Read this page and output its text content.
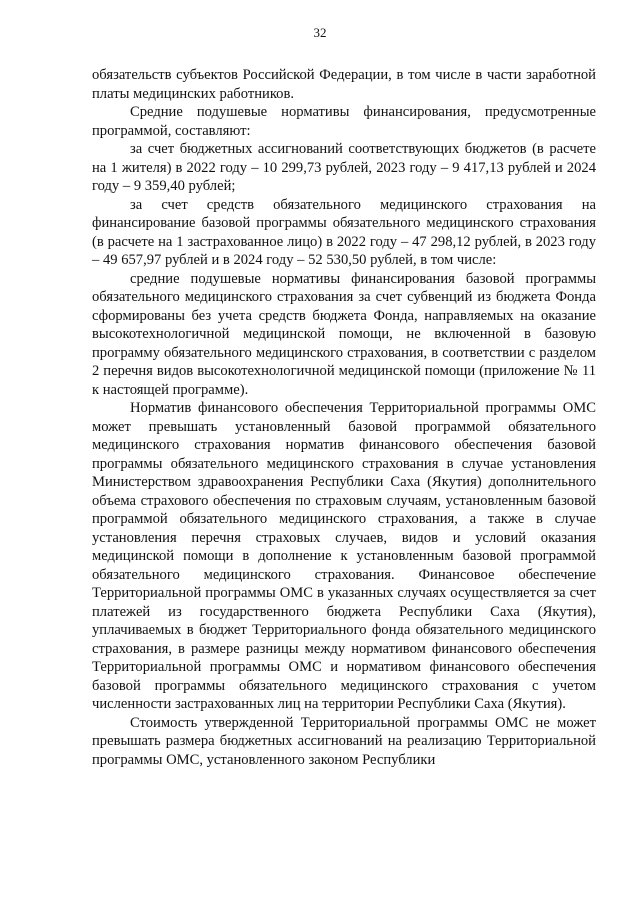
32

обязательств субъектов Российской Федерации, в том числе в части заработной платы медицинских работников.

Средние подушевые нормативы финансирования, предусмотренные программой, составляют:

за счет бюджетных ассигнований соответствующих бюджетов (в расчете на 1 жителя) в 2022 году – 10 299,73 рублей, 2023 году – 9 417,13 рублей и 2024 году – 9 359,40 рублей;

за счет средств обязательного медицинского страхования на финансирование базовой программы обязательного медицинского страхования (в расчете на 1 застрахованное лицо) в 2022 году – 47 298,12 рублей, в 2023 году – 49 657,97 рублей и в 2024 году – 52 530,50 рублей, в том числе:

средние подушевые нормативы финансирования базовой программы обязательного медицинского страхования за счет субвенций из бюджета Фонда сформированы без учета средств бюджета Фонда, направляемых на оказание высокотехнологичной медицинской помощи, не включенной в базовую программу обязательного медицинского страхования, в соответствии с разделом 2 перечня видов высокотехнологичной медицинской помощи (приложение № 11 к настоящей программе).

Норматив финансового обеспечения Территориальной программы ОМС может превышать установленный базовой программой обязательного медицинского страхования норматив финансового обеспечения базовой программы обязательного медицинского страхования в случае установления Министерством здравоохранения Республики Саха (Якутия) дополнительного объема страхового обеспечения по страховым случаям, установленным базовой программой обязательного медицинского страхования, а также в случае установления перечня страховых случаев, видов и условий оказания медицинской помощи в дополнение к установленным базовой программой обязательного медицинского страхования. Финансовое обеспечение Территориальной программы ОМС в указанных случаях осуществляется за счет платежей из государственного бюджета Республики Саха (Якутия), уплачиваемых в бюджет Территориального фонда обязательного медицинского страхования, в размере разницы между нормативом финансового обеспечения Территориальной программы ОМС и нормативом финансового обеспечения базовой программы обязательного медицинского страхования с учетом численности застрахованных лиц на территории Республики Саха (Якутия).

Стоимость утвержденной Территориальной программы ОМС не может превышать размера бюджетных ассигнований на реализацию Территориальной программы ОМС, установленного законом Республики
